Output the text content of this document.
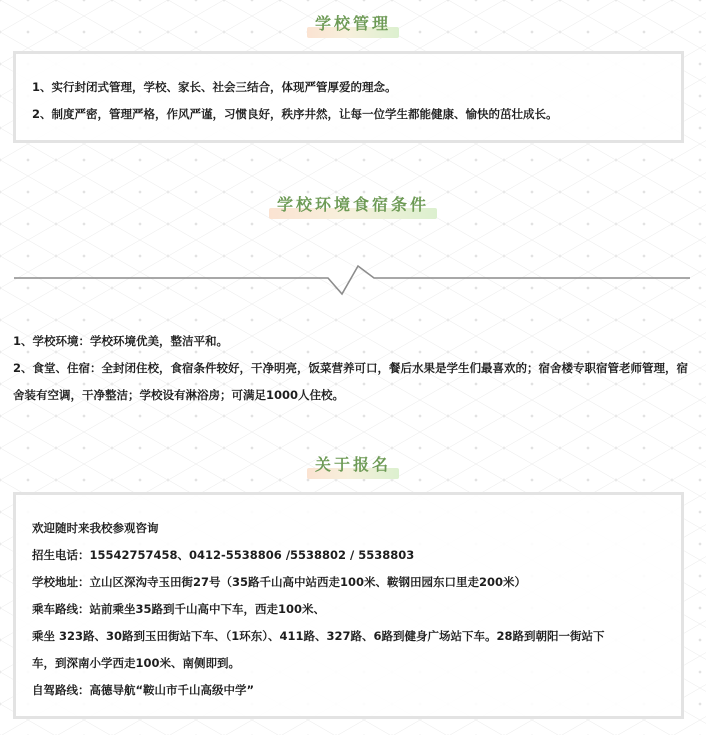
学校管理

1、实行封闭式管理，学校、家长、社会三结合，体现严管厚爱的理念。

2、制度严密，管理严格，作风严谨，习惯良好，秩序井然，让每一位学生都能健康、愉快的茁壮成长。

学校环境食宿条件

1、学校环境：学校环境优美，整洁平和。

2、食堂、住宿：全封闭住校，食宿条件较好，干净明亮，饭菜营养可口，餐后水果是学生们最喜欢的；宿舍楼专职宿管老师管理，宿舍装有空调，干净整洁；学校设有淋浴房；可满足1000人住校。

关于报名

欢迎随时来我校参观咨询

招生电话：15542757458、0412-5538806 /5538802 / 5538803

学校地址：立山区深沟寺玉田街27号（35路千山高中站西走100米、鞍钢田园东口里走200米）

乘车路线：站前乘坐35路到千山高中下车，西走100米、

乘坐 323路、30路到玉田街站下车、（1环东）、411路、327路、6路到健身广场站下车。28路到朝阳一街站下

车，到深南小学西走100米、南侧即到。

自驾路线：高德导航“鞍山市千山高级中学”
